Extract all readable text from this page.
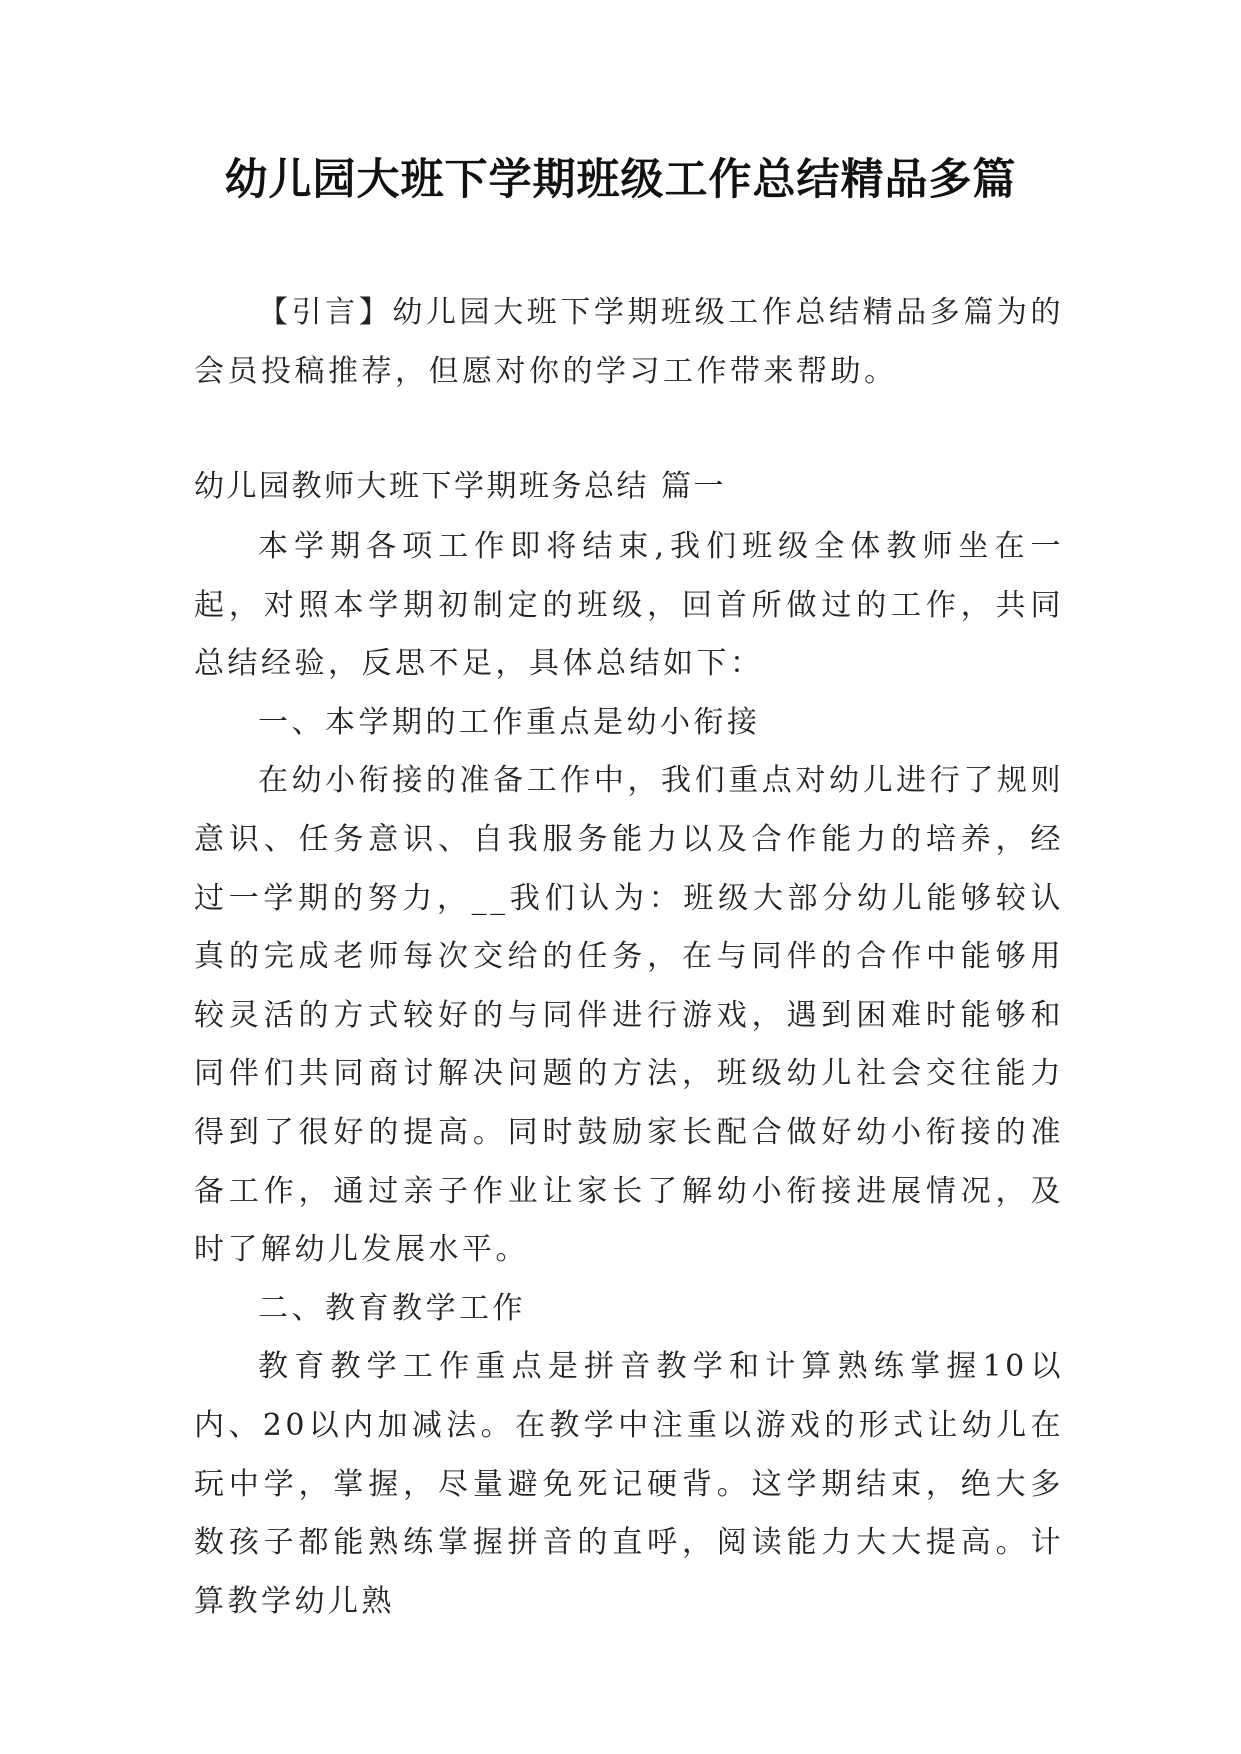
幼儿园大班下学期班级工作总结精品多篇

【引言】幼儿园大班下学期班级工作总结精品多篇为的会员投稿推荐，但愿对你的学习工作带来帮助。

幼儿园教师大班下学期班务总结 篇一

本学期各项工作即将结束,我们班级全体教师坐在一起，对照本学期初制定的班级，回首所做过的工作，共同总结经验，反思不足，具体总结如下：

一、本学期的工作重点是幼小衔接

在幼小衔接的准备工作中，我们重点对幼儿进行了规则意识、任务意识、自我服务能力以及合作能力的培养，经过一学期的努力，__我们认为：班级大部分幼儿能够较认真的完成老师每次交给的任务，在与同伴的合作中能够用较灵活的方式较好的与同伴进行游戏，遇到困难时能够和同伴们共同商讨解决问题的方法，班级幼儿社会交往能力得到了很好的提高。同时鼓励家长配合做好幼小衔接的准备工作，通过亲子作业让家长了解幼小衔接进展情况，及时了解幼儿发展水平。

二、教育教学工作

教育教学工作重点是拼音教学和计算熟练掌握10以内、20以内加减法。在教学中注重以游戏的形式让幼儿在玩中学，掌握，尽量避免死记硬背。这学期结束，绝大多数孩子都能熟练掌握拼音的直呼，阅读能力大大提高。计算教学幼儿熟
